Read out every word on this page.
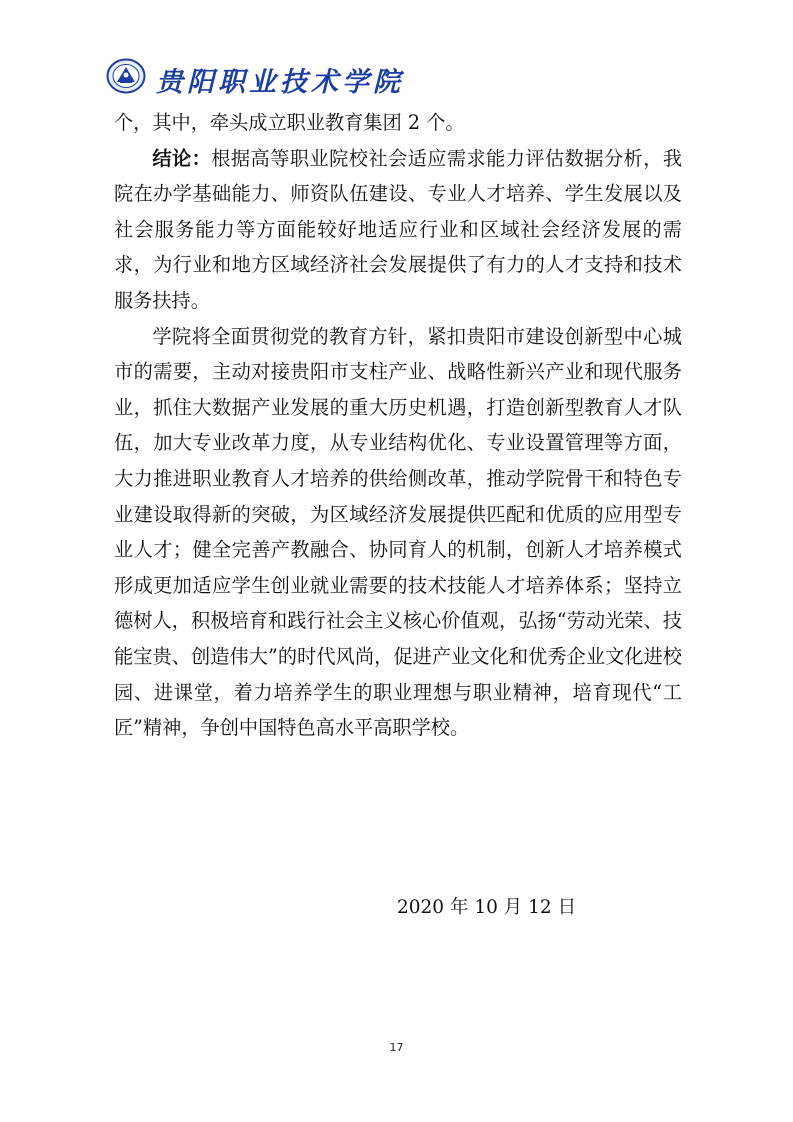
贵阳职业技术学院

个，其中，牵头成立职业教育集团 2 个。

结论：根据高等职业院校社会适应需求能力评估数据分析，我院在办学基础能力、师资队伍建设、专业人才培养、学生发展以及社会服务能力等方面能较好地适应行业和区域社会经济发展的需求，为行业和地方区域经济社会发展提供了有力的人才支持和技术服务扶持。

学院将全面贯彻党的教育方针，紧扣贵阳市建设创新型中心城市的需要，主动对接贵阳市支柱产业、战略性新兴产业和现代服务业，抓住大数据产业发展的重大历史机遇，打造创新型教育人才队伍，加大专业改革力度，从专业结构优化、专业设置管理等方面，大力推进职业教育人才培养的供给侧改革，推动学院骨干和特色专业建设取得新的突破，为区域经济发展提供匹配和优质的应用型专业人才；健全完善产教融合、协同育人的机制，创新人才培养模式形成更加适应学生创业就业需要的技术技能人才培养体系；坚持立德树人，积极培育和践行社会主义核心价值观，弘扬“劳动光荣、技能宝贵、创造伟大”的时代风尚，促进产业文化和优秀企业文化进校园、进课堂，着力培养学生的职业理想与职业精神，培育现代“工匠”精神，争创中国特色高水平高职学校。

2020 年 10 月 12 日
17
